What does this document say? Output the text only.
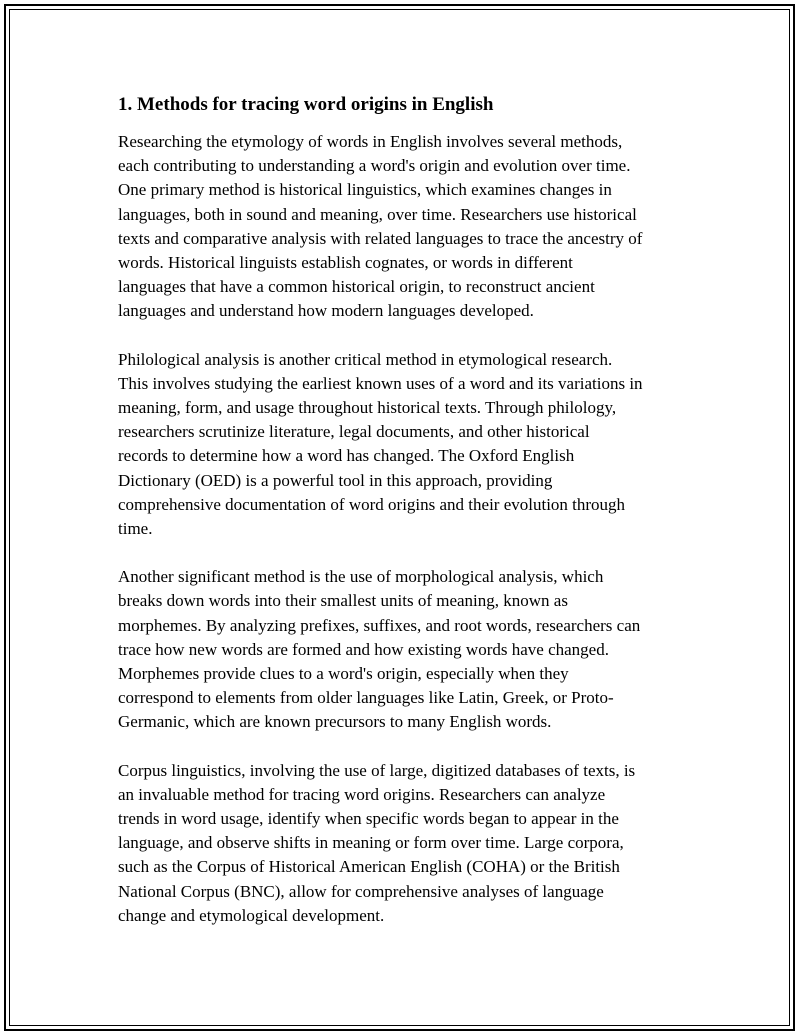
1. Methods for tracing word origins in English

Researching the etymology of words in English involves several methods,
each contributing to understanding a word's origin and evolution over time.
One primary method is historical linguistics, which examines changes in
languages, both in sound and meaning, over time. Researchers use historical
texts and comparative analysis with related languages to trace the ancestry of
words. Historical linguists establish cognates, or words in different
languages that have a common historical origin, to reconstruct ancient
languages and understand how modern languages developed.

Philological analysis is another critical method in etymological research.
This involves studying the earliest known uses of a word and its variations in
meaning, form, and usage throughout historical texts. Through philology,
researchers scrutinize literature, legal documents, and other historical
records to determine how a word has changed. The Oxford English
Dictionary (OED) is a powerful tool in this approach, providing
comprehensive documentation of word origins and their evolution through
time.

Another significant method is the use of morphological analysis, which
breaks down words into their smallest units of meaning, known as
morphemes. By analyzing prefixes, suffixes, and root words, researchers can
trace how new words are formed and how existing words have changed.
Morphemes provide clues to a word's origin, especially when they
correspond to elements from older languages like Latin, Greek, or Proto-
Germanic, which are known precursors to many English words.

Corpus linguistics, involving the use of large, digitized databases of texts, is
an invaluable method for tracing word origins. Researchers can analyze
trends in word usage, identify when specific words began to appear in the
language, and observe shifts in meaning or form over time. Large corpora,
such as the Corpus of Historical American English (COHA) or the British
National Corpus (BNC), allow for comprehensive analyses of language
change and etymological development.
